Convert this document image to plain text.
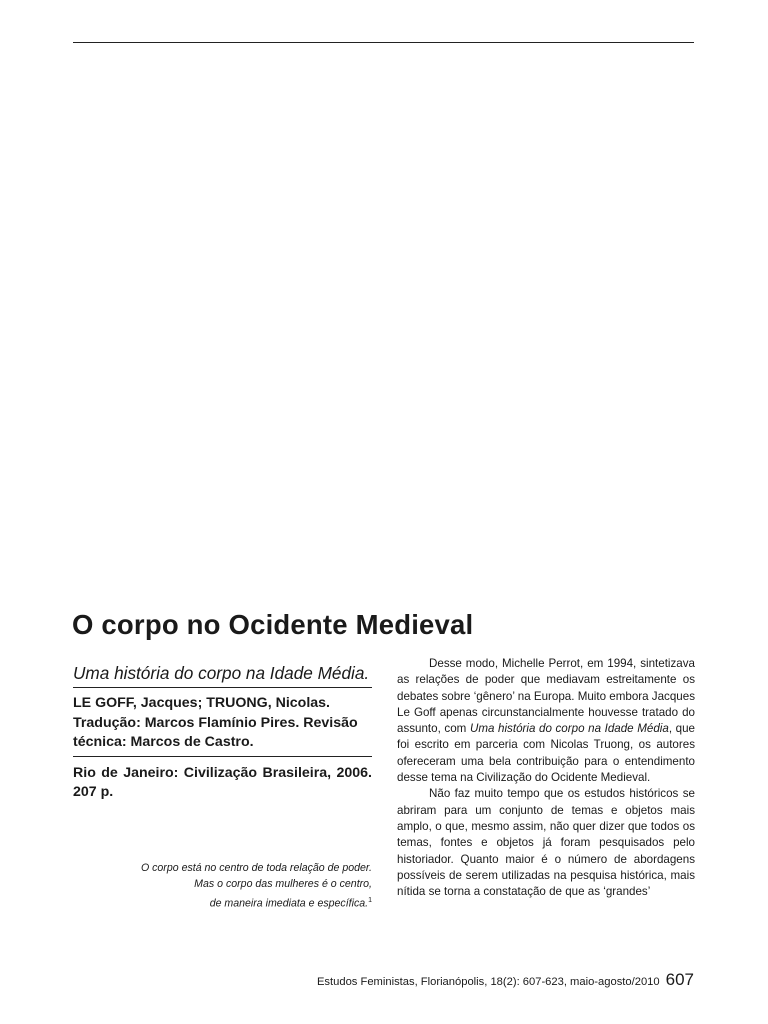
O corpo no Ocidente Medieval

Uma história do corpo na Idade Média.

LE GOFF, Jacques; TRUONG, Nicolas. Tradução: Marcos Flamínio Pires. Revisão técnica: Marcos de Castro.

Rio de Janeiro: Civilização Brasileira, 2006. 207 p.

O corpo está no centro de toda relação de poder.
Mas o corpo das mulheres é o centro,
de maneira imediata e específica.$^1$

Desse modo, Michelle Perrot, em 1994, sintetizava as relações de poder que mediavam estreitamente os debates sobre ‘gênero’ na Europa. Muito embora Jacques Le Goff apenas circunstancialmente houvesse tratado do assunto, com Uma história do corpo na Idade Média, que foi escrito em parceria com Nicolas Truong, os autores ofereceram uma bela contribuição para o entendimento desse tema na Civilização do Ocidente Medieval.

Não faz muito tempo que os estudos históricos se abriram para um conjunto de temas e objetos mais amplo, o que, mesmo assim, não quer dizer que todos os temas, fontes e objetos já foram pesquisados pelo historiador. Quanto maior é o número de abordagens possíveis de serem utilizadas na pesquisa histórica, mais nítida se torna a constatação de que as ‘grandes’

Estudos Feministas, Florianópolis, 18(2): 607-623, maio-agosto/2010 607
